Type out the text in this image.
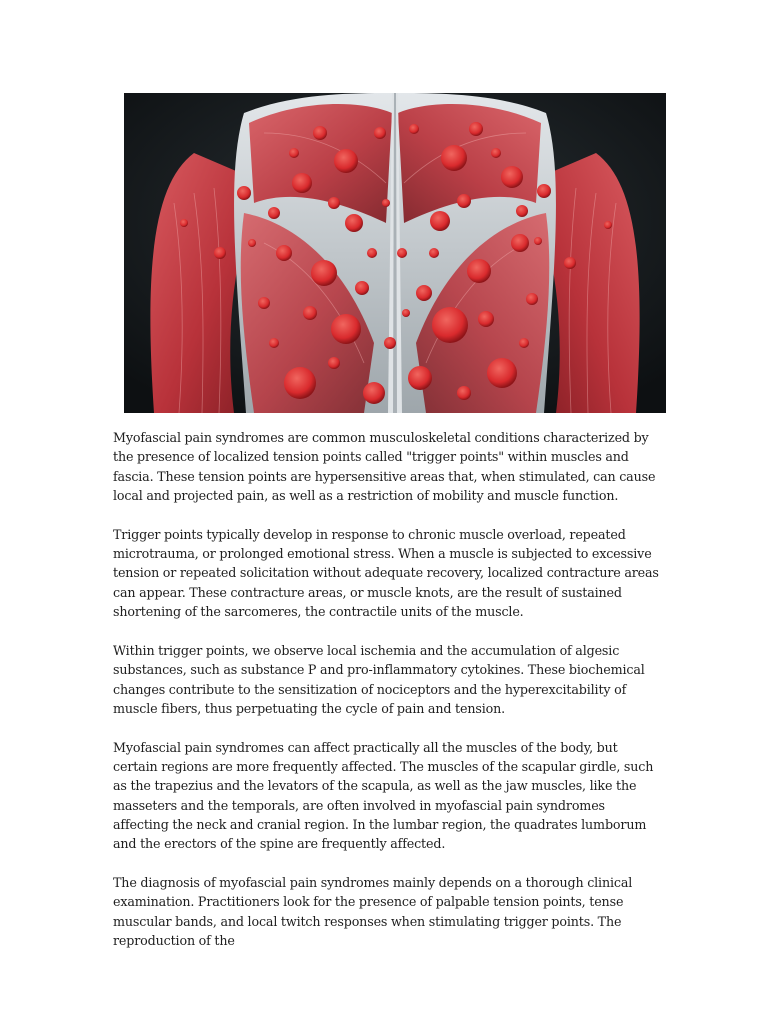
Myofascial pain syndromes are common musculoskeletal conditions characterized by the presence of localized tension points called "trigger points" within muscles and fascia. These tension points are hypersensitive areas that, when stimulated, can cause local and projected pain, as well as a restriction of mobility and muscle function.

Trigger points typically develop in response to chronic muscle overload, repeated microtrauma, or prolonged emotional stress. When a muscle is subjected to excessive tension or repeated solicitation without adequate recovery, localized contracture areas can appear. These contracture areas, or muscle knots, are the result of sustained shortening of the sarcomeres, the contractile units of the muscle.

Within trigger points, we observe local ischemia and the accumulation of algesic substances, such as substance P and pro-inflammatory cytokines. These biochemical changes contribute to the sensitization of nociceptors and the hyperexcitability of muscle fibers, thus perpetuating the cycle of pain and tension.

Myofascial pain syndromes can affect practically all the muscles of the body, but certain regions are more frequently affected. The muscles of the scapular girdle, such as the trapezius and the levators of the scapula, as well as the jaw muscles, like the masseters and the temporals, are often involved in myofascial pain syndromes affecting the neck and cranial region. In the lumbar region, the quadrates lumborum and the erectors of the spine are frequently affected.

The diagnosis of myofascial pain syndromes mainly depends on a thorough clinical examination. Practitioners look for the presence of palpable tension points, tense muscular bands, and local twitch responses when stimulating trigger points. The reproduction of the
